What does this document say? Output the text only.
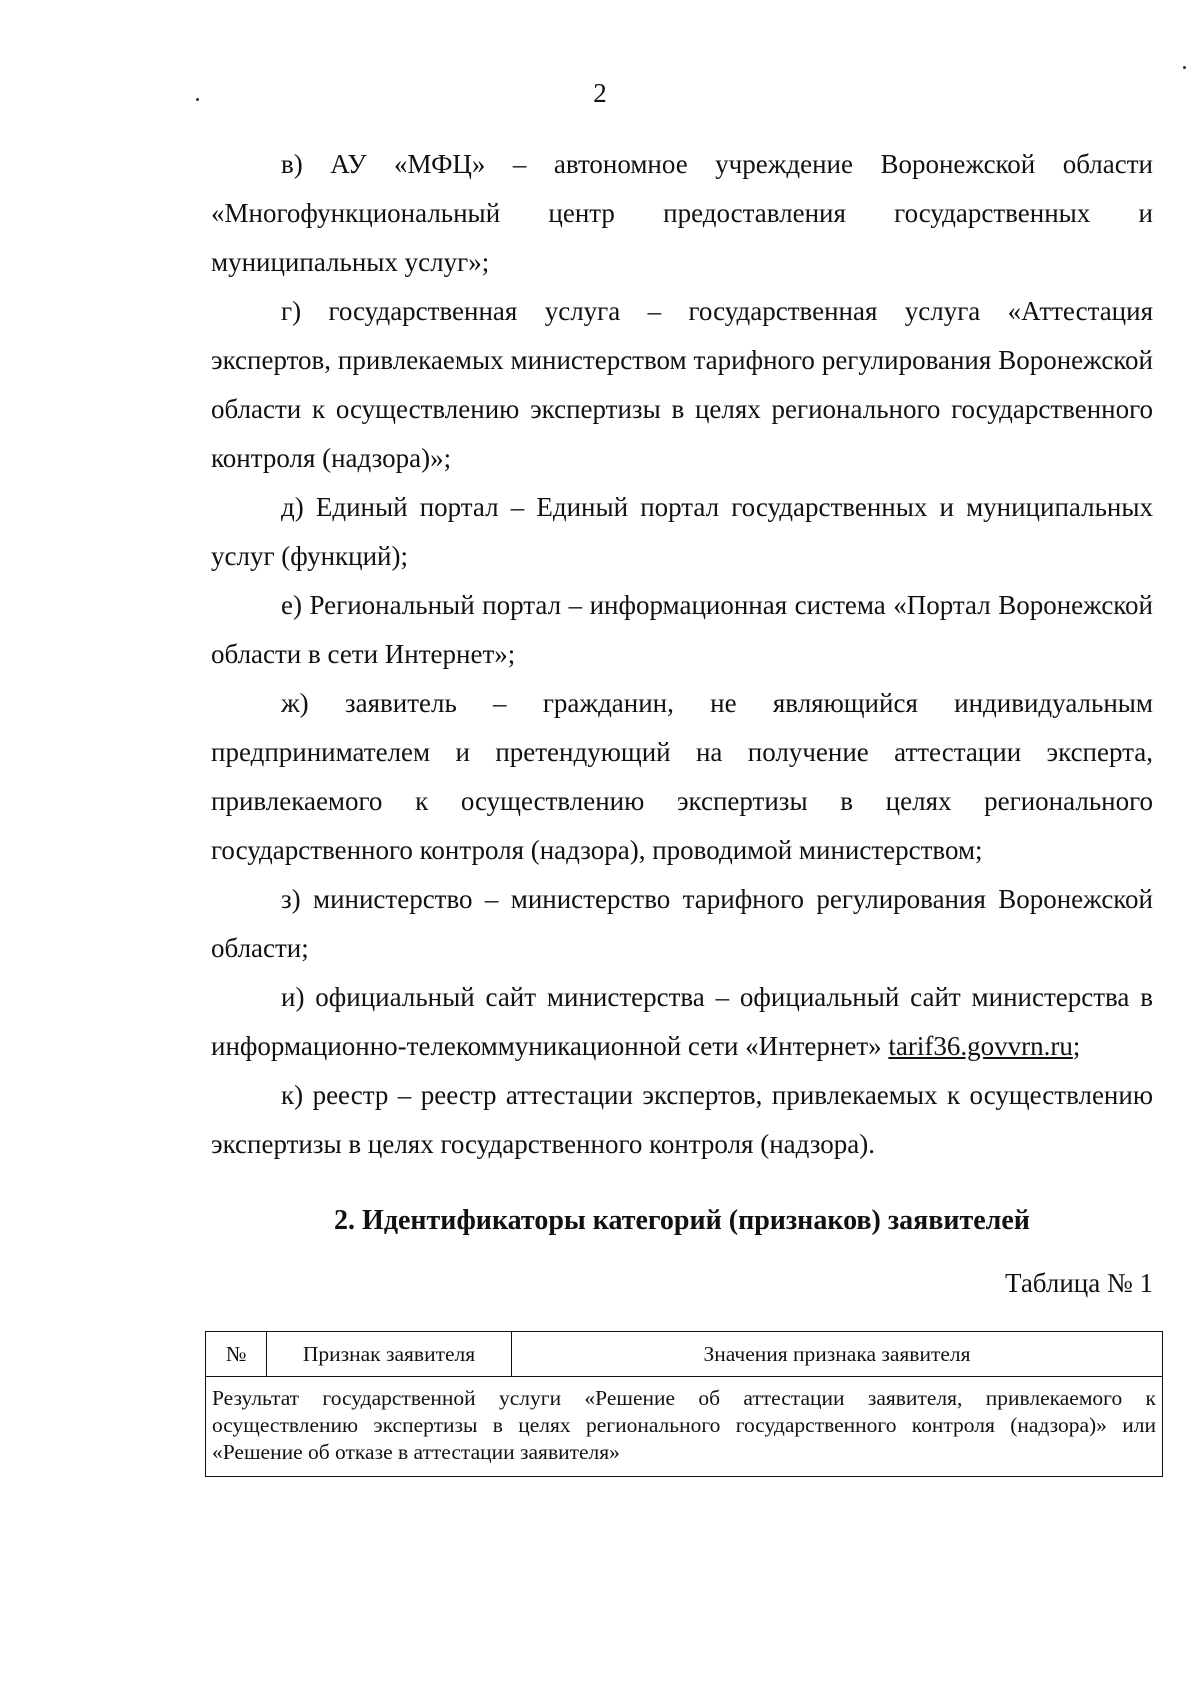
2

в) АУ «МФЦ» – автономное учреждение Воронежской области «Многофункциональный центр предоставления государственных и муниципальных услуг»;

г) государственная услуга – государственная услуга «Аттестация экспертов, привлекаемых министерством тарифного регулирования Воронежской области к осуществлению экспертизы в целях регионального государственного контроля (надзора)»;

д) Единый портал – Единый портал государственных и муниципальных услуг (функций);

е) Региональный портал – информационная система «Портал Воронежской области в сети Интернет»;

ж) заявитель – гражданин, не являющийся индивидуальным предпринимателем и претендующий на получение аттестации эксперта, привлекаемого к осуществлению экспертизы в целях регионального государственного контроля (надзора), проводимой министерством;

з) министерство – министерство тарифного регулирования Воронежской области;

и) официальный сайт министерства – официальный сайт министерства в информационно-телекоммуникационной сети «Интернет» tarif36.govvrn.ru;

к) реестр – реестр аттестации экспертов, привлекаемых к осуществлению экспертизы в целях государственного контроля (надзора).

2. Идентификаторы категорий (признаков) заявителей
Таблица № 1
№	Признак заявителя	Значения признака заявителя
Результат государственной услуги «Решение об аттестации заявителя, привлекаемого к осуществлению экспертизы в целях регионального государственного контроля (надзора)» или «Решение об отказе в аттестации заявителя»
